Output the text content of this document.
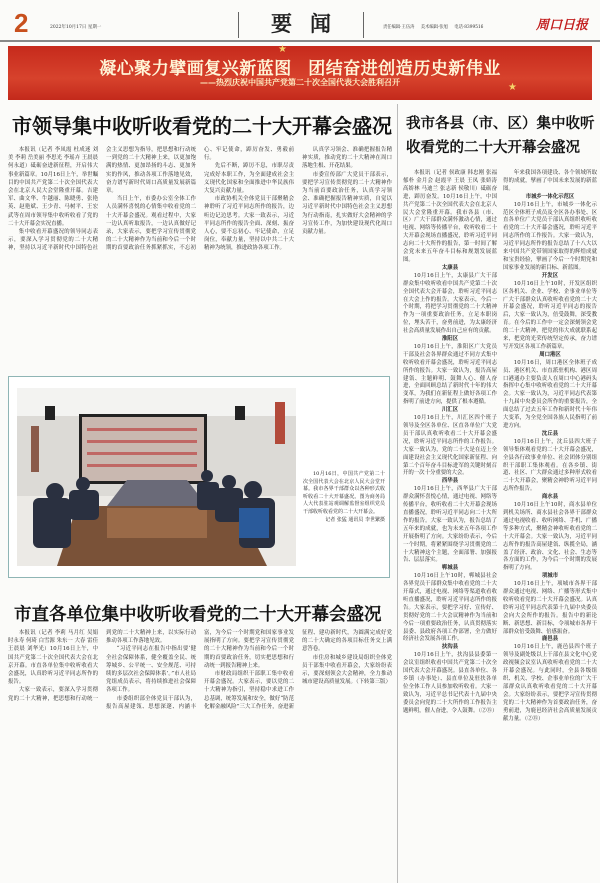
2	2022年10月17日 星期一	要闻	责任编辑·王伍涛 美术编辑·张旭 电话·8399516	周口日报
★
★
凝心聚力擘画复兴新蓝图 团结奋进创造历史新伟业
——热烈庆祝中国共产党第二十次全国代表大会胜利召开
市领导集中收听收看党的二十大开幕会盛况

本报讯（记者 李凤霞 杜成迷 刘美 李莉 岳美丽 李思光 李瑶卉 王晨晨 何永道）砥砺奋进新征程，开启伟大事业新篇章。10月16日上午，举世瞩目的中国共产党第二十次全国代表大会在北京人民大会堂隆重开幕。吉建军、曲文华、牛越丽、陈晓勇、张艳英、赵艳斌、王少青、马树平、王宏武等在周市领导集中收听收看了党的二十大开幕会实况直播。

集中收看开幕盛况的领导同志表示，要深入学习贯彻党的二十大精神，坚持以习近平新时代中国特色社会主义思想为指导，把思想和行动统一到党的二十大精神上来，以更加饱满的热情、更加昂扬的斗志、更加务实的作风，推动各项工作落地见效，奋力谱写新时代周口高质量发展新篇章。

当日上午，市委办公室全体工作人员满怀喜悦的心情集中收看党的二十大开幕会盛况。观看过程中，大家一边认真听取报告，一边认真做好记录，大家表示，要把学习宣传贯彻党的二十大精神作为当前和今后一个时期的首要政治任务抓紧抓实，不忘初心、牢记使命，踔厉奋发、勇毅前行。

先后不断，踔厉不息，市职尽责完成好本职工作，为全面建成社会主义现代化国家和全面推进中华民族伟大复兴贡献力量。

市政协机关全体党员干部聚精会神聆听了习近平同志所作的报告，边听边记边思考。大家一致表示，习近平同志所作的报告全面、深刻、振奋人心，要不忘初心、牢记使命，立足岗位，奉献力量，坚持以中共二十大精神为统领，推进政协各项工作。

认真学习领会、准确把握报告精神实质，推动党的二十大精神在周口落地生根、开花结果。

市委宣传部广大党员干部表示，要把学习宣传贯彻党的二十大精神作为当前首要政治任务，认真学习领会、准确把握报告精神实质，自觉以习近平新时代中国特色社会主义思想为行动指南，扎实做好大会精神的学习宣传工作，为加快建设现代化周口贡献力量。

10月16日，中国共产党第二十次全国代表大会在北京人民大会堂开幕。我市各界干部群众以各种形式收听收看二十大开幕盛况。图为商务局人大代表驻站观调解监督室组织党员干部收听收看党的二十大开幕会。

记者 张猛 通讯员 李世繁摄

市直各单位集中收听收看党的二十大开幕会盛况

本报讯（记者 李莉 马月红 吴娟 时永寿 何琦 白雪源 朱东一 大春 雷佳 王晨晨 刘华光）10月16日上午，中国共产党第二十次全国代表大会在北京开幕。市直各单位集中收听收看大会盛况，认真聆听习近平同志所作的报告。

大家一致表示，要深入学习贯彻党的二十大精神，把思想和行动统一到党的二十大精神上来，以实际行动推动各项工作落地见效。

“习近平同志在报告中指出要‘健全社会保障体系，健全覆盖全民、统筹城乡、公平统一、安全规范、可持续的多层次社会保障体系’。”市人社局党组成员表示，将持续推进社会保障各项工作。

市委组织部全体党员干部认为，报告高屋建瓴、思想深邃、内涵丰富，为今后一个时期党和国家事业发展指明了方向。要把学习宣传贯彻党的二十大精神作为当前和今后一个时期的首要政治任务，切实把思想和行动统一到报告精神上来。

市财政局组织干部职工集中收看开幕会盛况。大家表示，要以党的二十大精神为指引，坚持稳中求进工作总基调，统筹发展和安全，做好“防范化解金融风险”三大工作任务，奋进新征程、建功新时代，为圆满完成好党的二十大确定的各项目标任务交上满意答卷。

市住房和城乡建设局组织全体党员干部集中收看开幕会，大家纷纷表示，要深刻领会大会精神，全力推动城市建设高质量发展。（下转第三版）

我市各县（市、区）集中收听
收看党的二十大开幕会盛况

本报讯（记者 侯政康 韩忠刚 张福 郁朴 金月会 赵霞平 王晨 王凤 张娇涛 高娇林 马迪兰 张志新 侯敬川）砥砺奋进，踔厉奋发。10月16日上午，中国共产党第二十次全国代表大会在北京人民大会堂隆重开幕。我市各县（市、区）广大干部群众满怀激动心情，通过电视、网络等传播平台，收听收看二十大开幕会现场直播盛况，聆听习近平同志向二十大所作的报告，第一时间了解会党未来五年奋斗目标和规划发展蓝图。

太康县

10月16日上午，太康县广大干部群众集中收听收看中国共产党第二十次全国代表大会开幕会，聆听习近平同志在大会上作的报告。大家表示，今后一个时期，将把学习贯彻党的二十大精神作为一项重要政治任务，立足本职岗位，埋头苦干，奋勇前进，为太康经济社会高质量发展作出自己应有的贡献。

淮阳区

10月16日上午，淮阳区广大党员干部及社会各界群众通过不同方式集中收听收看开幕会盛况，聆听习近平同志所作的报告。大家一致认为，报告高屋建瓴、主题鲜明、鼓舞人心、催人奋进，全面回顾总结了新时代十年的伟大变革，为我们在新征程上做好各项工作指明了前进方向，提供了根本遵循。

川汇区

10月16日上午，川汇区四个班子领导及全区各单位、区直各单位广大党员干部认真收听收看二十大开幕会盛况，聆听习近平同志所作的工作报告。大家一致认为，党的二十大是在迈上全面建设社会主义现代化国家新征程、向第二个百年奋斗目标进军的关键时刻召开的一次十分重要的大会。

西华县

10月16日上午，西华县广大干部群众满怀喜悦心情，通过电视、网络等传播平台，收听收看二十大开幕会现场直播盛况，聆听习近平同志向二十大所作的报告。大家一致认为，报告总结了五年来的成就，也为未来五年各项工作开展指明了方向。大家纷纷表示，今后一个时期，将紧紧围绕学习贯彻党的二十大精神这个主题，全面部署、加强报告、层层落实。

郸城县

10月16日上午10时，郸城县社会各界党员干部群众集中收看党的二十大开幕式，通过电视、网络等渠道收看收听直播盛况，聆听习近平同志所作的报告。大家表示，要把学习好、宣传好、贯彻好党的二十大会议精神作为当前和今后一项重要政治任务，认真贯彻落实县委、县政府各项工作部署，全力做好经济社会发展各项工作。

扶沟县

10月16日上午，扶沟县县委第一会议室组织收看中国共产党第二十次全国代表大会开幕盛况。县直各单位、各乡镇（办事处）、县直单位及驻扶各单位全体工作人员参加收听收看。大家一致认为，习近平总书记代表十九届中央委员会向党的二十大所作的工作报告主题鲜明，催人奋进，令人鼓舞。（②⑮）

年来我国各项建设、各个领域所取得的成就，擘画了中国未来发展的新蓝图。

市城乡一体化示范区

10月16日上午，市城乡一体化示范区全体班子成员及全区各办事处、区直各单位广大党员干部认真组织收听收看党的二十大开幕会盛况，聆听习近平同志所作的工作报告。大家一致认为，习近平同志所作的报告总结了十八大以来中国共产党带领国家取得的辉煌成就和宝贵经验，擘画了今后一个时期党和国家事业发展的新目标、新蓝图。

开发区

10月16日上午10时，开发区组织区各机关、企业、学校、企事业单位等广大干部群众认真收听收看党的二十大开幕会盛况，聆听习近平同志的报告后，大家一致认为，倍受鼓舞，深受教育。在今后的工作中一定会深刻领会党的二十大精神，把党的伟大成就联系起来，把党的光荣传统坚定传承，奋力谱写开发区各项工作新篇章。

周口港区

10月16日，周口港区全体班子成员、港区机关、市直派驻机构、港区周口港通办主要负责人在周口中心港码头指挥中心集中收听收看党的二十大开幕会。大家一致认为，习近平同志代表第十九届中央委员会所作的重要报告，全面总结了过去五年工作和新时代十年伟大变革，为全党全国各族人民指明了前进方向。

沈丘县

10月16日上午，沈丘县四大班子领导集体观看党的二十大开幕会盛况，全县各行政事业单位、社会团体分别组织干部职工集体观看。在各乡镇、街道、社区、广大群众通过多种形式收看二十大开幕会，聚精会神聆听习近平同志所作报告。

商水县

10月16日上午10时，商水县单位到机关场所、商水县社会各界干部群众通过电视收看、收听网络、手机、广播等多种方式，聚精会神收听收看党的二十大开幕会。大家一致认为，习近平同志所作的报告高屋建瓴、纵揽全局，涵盖了经济、政治、文化、社会、生态等各方面的工作，为今后一个时期的发展指明了方向。

项城市

10月16日上午，项城市各界干部群众通过电视、网络、广播等形式集中收听收看党的二十大开幕会盛况。认真聆听习近平同志代表第十九届中央委员会向大会所作的报告。报告中的新论断、新思想、新目标，令项城市各界干部群众倍受鼓舞、倍感振奋。

鹿邑县

10月16日上午，鹿邑县四个班子领导及副处级以上干部在县文化中心党政视频会议室认真收听收看党的二十大开幕会盛况。与此同时，全县各级组织、机关、学校、企事业单位的广大干部群众认真收听收看党的二十大开幕会。大家纷纷表示，要把学习宣传贯彻党的二十大精神作为首要政治任务，奋勇前进，为鹿邑经济社会高质量发展贡献力量。（②⑮）
